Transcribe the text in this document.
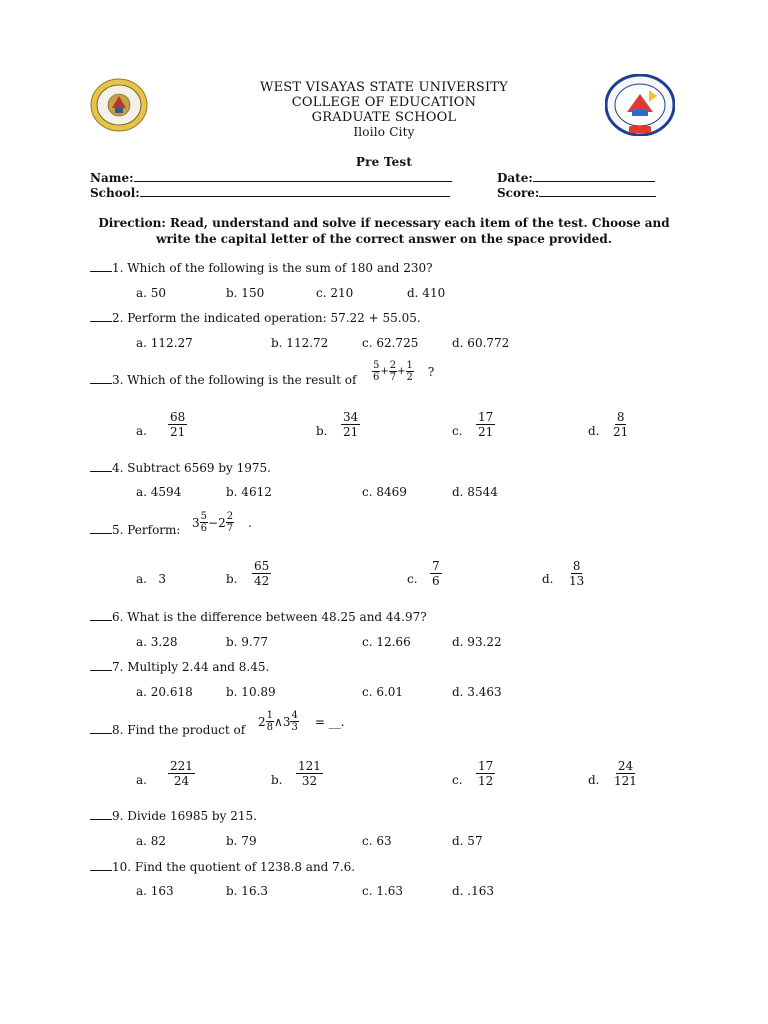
WEST VISAYAS STATE UNIVERSITY
COLLEGE OF EDUCATION
GRADUATE SCHOOL
Iloilo City
Pre Test
Name:	Date:
School:	Score:
Direction: Read, understand and solve if necessary each item of the test. Choose and write the capital letter of the correct answer on the space provided.
1. Which of the following is the sum of 180 and 230?
a. 50	b. 150	c. 210	d. 410
2. Perform the indicated operation: 57.22 + 55.05.
a. 112.27	b. 112.72	c. 62.725	d. 60.772
3. Which of the following is the result of $\frac{5}{6} + \frac{2}{7} + \frac{1}{2}$ ?
a. $\frac{68}{21}$	b. $\frac{34}{21}$	c. $\frac{17}{21}$	d. $\frac{8}{21}$
4. Subtract 6569 by 1975.
a. 4594	b. 4612	c. 8469	d. 8544
5. Perform:
$3 \frac{5}{6} - 2 \frac{2}{7}$ .
a. 3	b. $\frac{65}{42}$	c. $\frac{7}{6}$	d. $\frac{8}{13}$
6. What is the difference between 48.25 and 44.97?
a. 3.28	b. 9.77	c. 12.66	d. 93.22
7. Multiply 2.44 and 8.45.
a. 20.618	b. 10.89	c. 6.01	d. 3.463
8. Find the product of
$2 \frac{1}{8}$ ∧ $3 \frac{4}{3}$ = __.
a. $\frac{221}{24}$	b. $\frac{121}{32}$	c. $\frac{17}{12}$	d. $\frac{24}{121}$
9. Divide 16985 by 215.
a. 82	b. 79	c. 63	d. 57
10. Find the quotient of 1238.8 and 7.6.
a. 163	b. 16.3	c. 1.63	d. .163
